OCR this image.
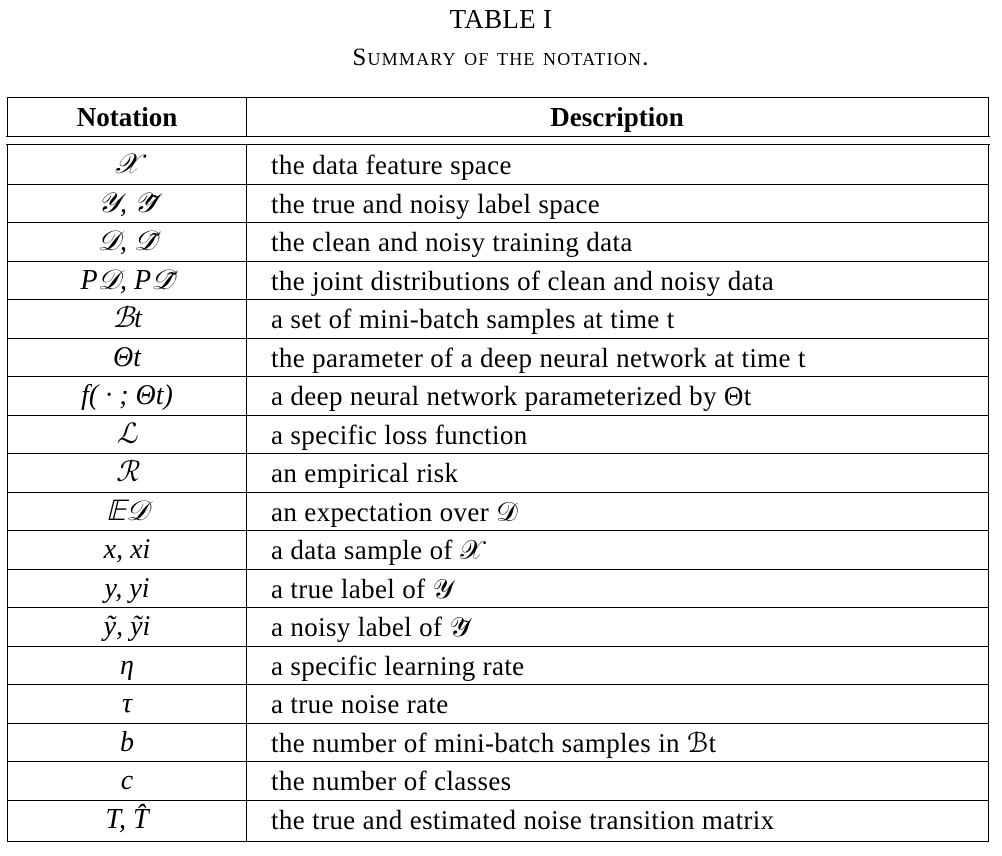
TABLE I
Summary of the notation.
Notation	Description
𝒳	the data feature space
𝒴, 𝒴̃	the true and noisy label space
𝒟, 𝒟̃	the clean and noisy training data
P𝒟, P𝒟̃	the joint distributions of clean and noisy data
ℬt	a set of mini-batch samples at time t
Θt	the parameter of a deep neural network at time t
f( · ; Θt)	a deep neural network parameterized by Θt
ℒ	a specific loss function
ℛ	an empirical risk
𝔼𝒟	an expectation over 𝒟
x, xi	a data sample of 𝒳
y, yi	a true label of 𝒴
ỹ, ỹi	a noisy label of 𝒴̃
η	a specific learning rate
τ	a true noise rate
b	the number of mini-batch samples in ℬt
c	the number of classes
T, T̂	the true and estimated noise transition matrix
